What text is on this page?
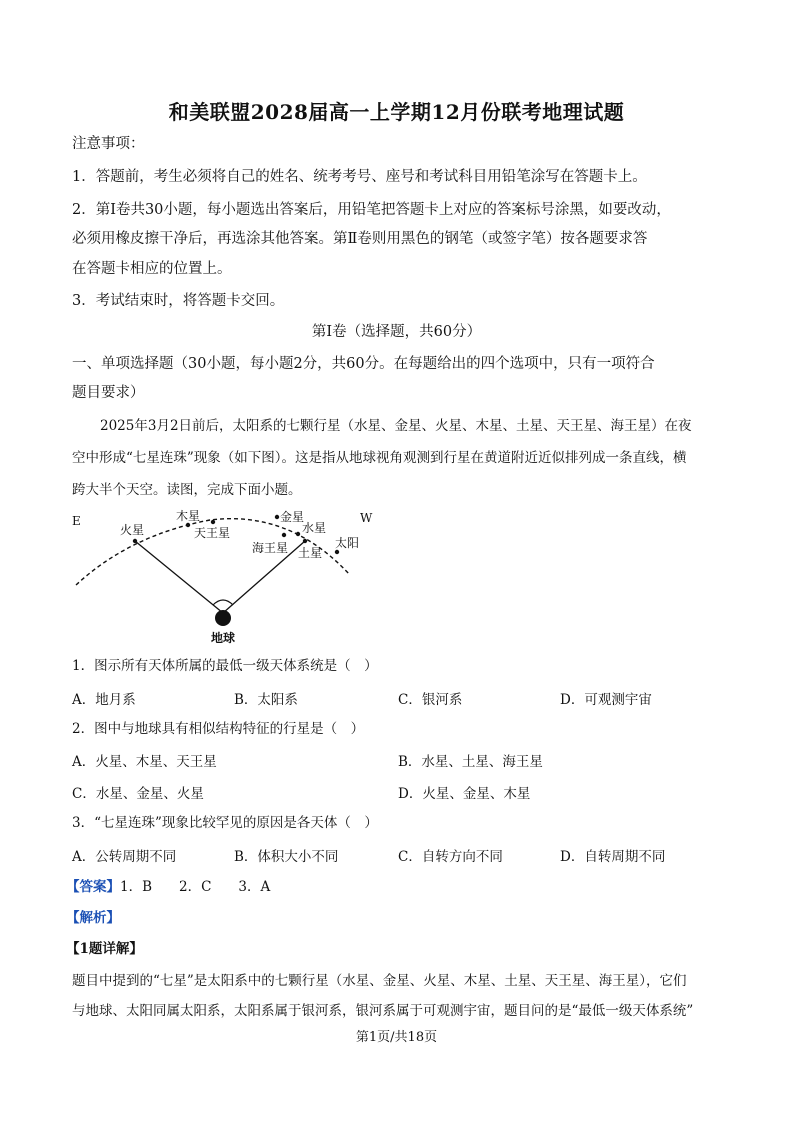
和美联盟2028届高一上学期12月份联考地理试题
注意事项：
1．答题前，考生必须将自己的姓名、统考考号、座号和考试科目用铅笔涂写在答题卡上。
2．第Ⅰ卷共30小题，每小题选出答案后，用铅笔把答题卡上对应的答案标号涂黑，如要改动，
必须用橡皮擦干净后，再选涂其他答案。第Ⅱ卷则用黑色的钢笔（或签字笔）按各题要求答
在答题卡相应的位置上。
3．考试结束时，将答题卡交回。
第Ⅰ卷（选择题，共60分）
一、单项选择题（30小题，每小题2分，共60分。在每题给出的四个选项中，只有一项符合
题目要求）
2025年3月2日前后，太阳系的七颗行星（水星、金星、火星、木星、土星、天王星、海王星）在夜
空中形成“七星连珠”现象（如下图）。这是指从地球视角观测到行星在黄道附近近似排列成一条直线，横
跨大半个天空。读图，完成下面小题。
E	W
火星
木星
天王星
金星
水星
海王星 土星
太阳
地球
1．图示所有天体所属的最低一级天体系统是（　）
A．地月系	B．太阳系	C．银河系	D．可观测宇宙
2．图中与地球具有相似结构特征的行星是（　）
A．火星、木星、天王星	B．水星、土星、海王星
C．水星、金星、火星	D．火星、金星、木星
3．“七星连珠”现象比较罕见的原因是各天体（　）
A．公转周期不同	B．体积大小不同	C．自转方向不同	D．自转周期不同
【答案】1．B　　2．C　　3．A
【解析】
【1题详解】
题目中提到的“七星”是太阳系中的七颗行星（水星、金星、火星、木星、土星、天王星、海王星），它们
与地球、太阳同属太阳系，太阳系属于银河系，银河系属于可观测宇宙，题目问的是“最低一级天体系统”
第1页/共18页
